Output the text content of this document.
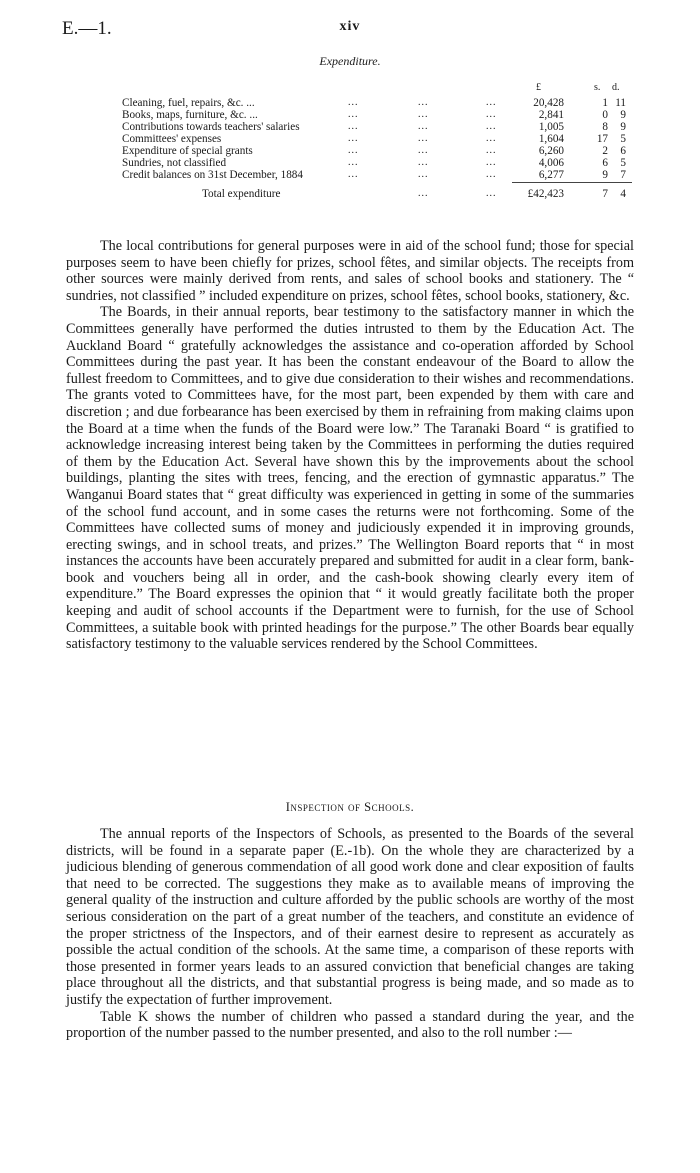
E.—1.	xiv
Expenditure.
£	s. d.
Cleaning, fuel, repairs, &c. ...	...	...	...	20,428	1 11
Books, maps, furniture, &c. ...	...	...	...	2,841	0	9
Contributions towards teachers' salaries	...	...	...	1,005	8	9
Committees' expenses	...	...	...	1,604	17	5
Expenditure of special grants	...	...	...	6,260	2	6
Sundries, not classified	...	...	...	4,006	6	5
Credit balances on 31st December, 1884	...	...	...	6,277	9	7
Total expenditure	...	...	£42,423	7	4

The local contributions for general purposes were in aid of the school fund; those for special purposes seem to have been chiefly for prizes, school fêtes, and similar objects. The receipts from other sources were mainly derived from rents, and sales of school books and stationery. The “ sundries, not classified ” included expenditure on prizes, school fêtes, school books, stationery, &c.

The Boards, in their annual reports, bear testimony to the satisfactory manner in which the Committees generally have performed the duties intrusted to them by the Education Act. The Auckland Board “ gratefully acknowledges the assistance and co-operation afforded by School Committees during the past year. It has been the constant endeavour of the Board to allow the fullest freedom to Committees, and to give due consideration to their wishes and recommendations. The grants voted to Committees have, for the most part, been expended by them with care and discretion ; and due forbearance has been exercised by them in refraining from making claims upon the Board at a time when the funds of the Board were low.” The Taranaki Board “ is gratified to acknowledge increasing interest being taken by the Committees in performing the duties required of them by the Education Act. Several have shown this by the improvements about the school buildings, planting the sites with trees, fencing, and the erection of gymnastic apparatus.” The Wanganui Board states that “ great difficulty was experienced in getting in some of the summaries of the school fund account, and in some cases the returns were not forthcoming. Some of the Committees have collected sums of money and judiciously expended it in improving grounds, erecting swings, and in school treats, and prizes.” The Wellington Board reports that “ in most instances the accounts have been accurately prepared and submitted for audit in a clear form, bank-book and vouchers being all in order, and the cash-book showing clearly every item of expenditure.” The Board expresses the opinion that “ it would greatly facilitate both the proper keeping and audit of school accounts if the Department were to furnish, for the use of School Committees, a suitable book with printed headings for the purpose.” The other Boards bear equally satisfactory testimony to the valuable services rendered by the School Committees.

Inspection of Schools.

The annual reports of the Inspectors of Schools, as presented to the Boards of the several districts, will be found in a separate paper (E.-1b). On the whole they are characterized by a judicious blending of generous commendation of all good work done and clear exposition of faults that need to be corrected. The suggestions they make as to available means of improving the general quality of the instruction and culture afforded by the public schools are worthy of the most serious consideration on the part of a great number of the teachers, and constitute an evidence of the proper strictness of the Inspectors, and of their earnest desire to represent as accurately as possible the actual condition of the schools. At the same time, a comparison of these reports with those presented in former years leads to an assured conviction that beneficial changes are taking place throughout all the districts, and that substantial progress is being made, and so made as to justify the expectation of further improvement.

Table K shows the number of children who passed a standard during the year, and the proportion of the number passed to the number presented, and also to the roll number :—
